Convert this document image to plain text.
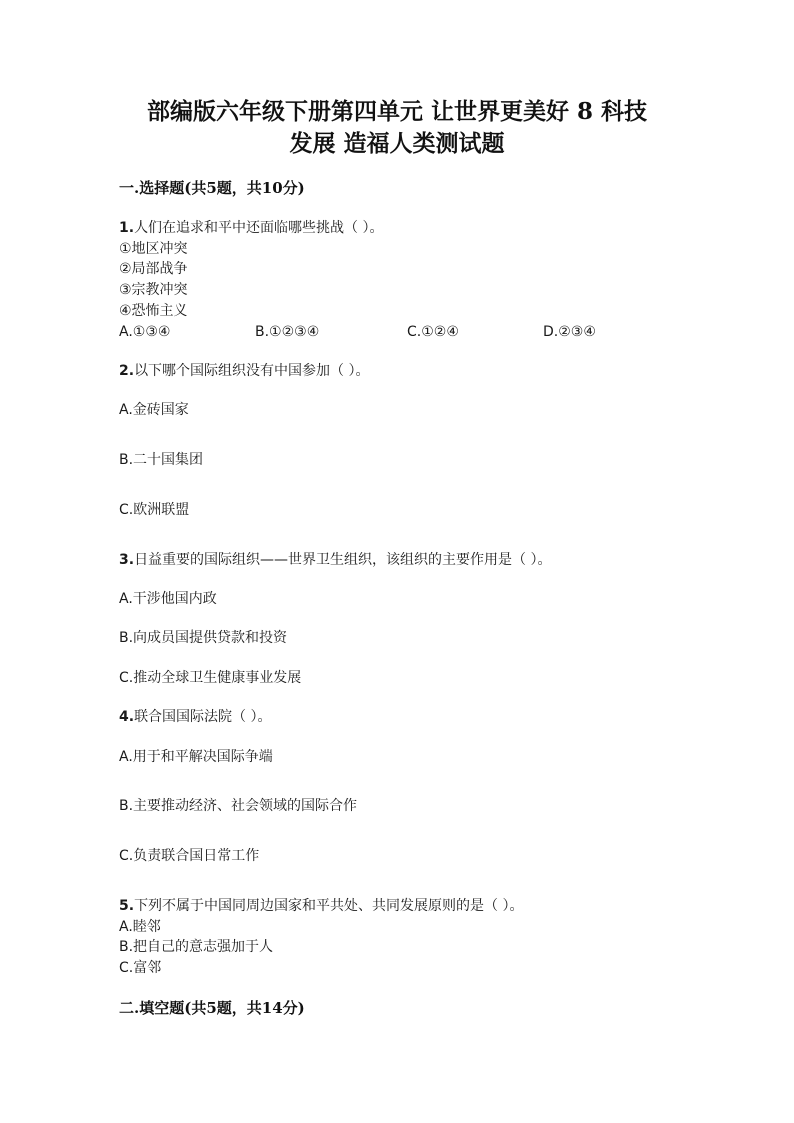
部编版六年级下册第四单元 让世界更美好 8 科技
发展 造福人类测试题
一.选择题(共5题，共10分)
1.人们在追求和平中还面临哪些挑战（ ）。
①地区冲突
②局部战争
③宗教冲突
④恐怖主义
A.①③④	B.①②③④	C.①②④	D.②③④
2.以下哪个国际组织没有中国参加（ ）。
A.金砖国家
B.二十国集团
C.欧洲联盟
3.日益重要的国际组织——世界卫生组织，该组织的主要作用是（ ）。
A.干涉他国内政
B.向成员国提供贷款和投资
C.推动全球卫生健康事业发展
4.联合国国际法院（ ）。
A.用于和平解决国际争端
B.主要推动经济、社会领域的国际合作
C.负责联合国日常工作
5.下列不属于中国同周边国家和平共处、共同发展原则的是（ ）。
A.睦邻
B.把自己的意志强加于人
C.富邻
二.填空题(共5题，共14分)
